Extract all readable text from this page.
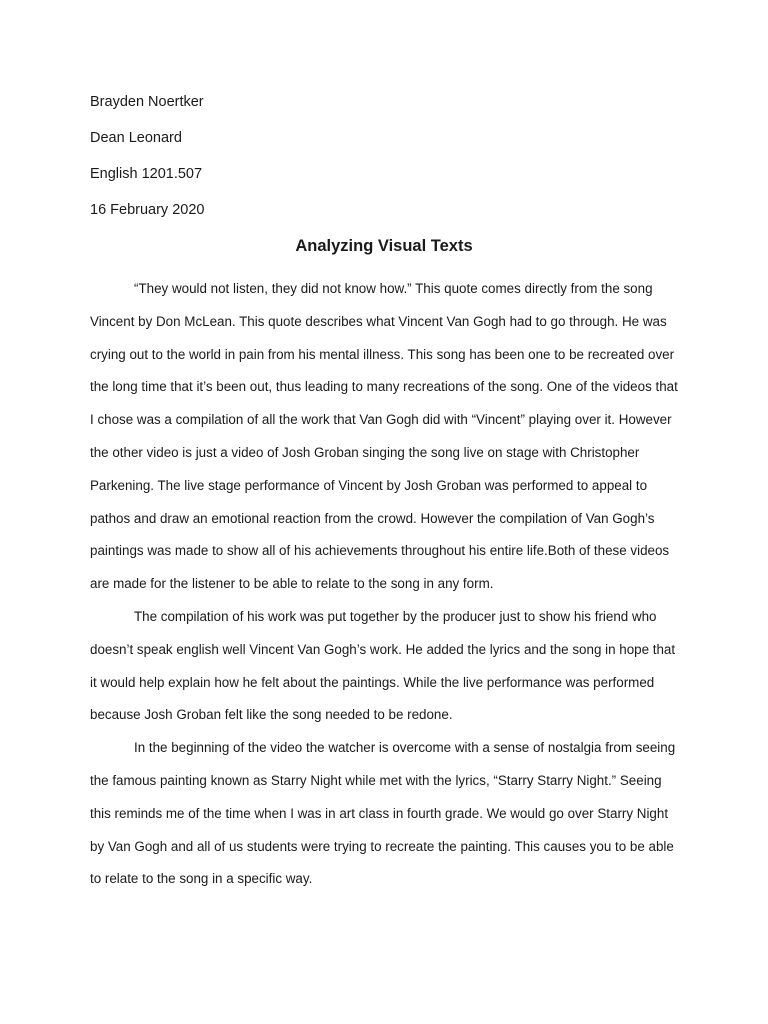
Brayden Noertker

Dean Leonard

English 1201.507

16 February 2020

Analyzing Visual Texts

“They would not listen, they did not know how.” This quote comes directly from the song Vincent by Don McLean. This quote describes what Vincent Van Gogh had to go through. He was crying out to the world in pain from his mental illness. This song has been one to be recreated over the long time that it’s been out, thus leading to many recreations of the song. One of the videos that I chose was a compilation of all the work that Van Gogh did with “Vincent” playing over it. However the other video is just a video of Josh Groban singing the song live on stage with Christopher Parkening. The live stage performance of Vincent by Josh Groban was performed to appeal to pathos and draw an emotional reaction from the crowd. However the compilation of Van Gogh’s paintings was made to show all of his achievements throughout his entire life.Both of these videos are made for the listener to be able to relate to the song in any form.

The compilation of his work was put together by the producer just to show his friend who doesn’t speak english well Vincent Van Gogh’s work. He added the lyrics and the song in hope that it would help explain how he felt about the paintings. While the live performance was performed because Josh Groban felt like the song needed to be redone.

In the beginning of the video the watcher is overcome with a sense of nostalgia from seeing the famous painting known as Starry Night while met with the lyrics, “Starry Starry Night.” Seeing this reminds me of the time when I was in art class in fourth grade. We would go over Starry Night by Van Gogh and all of us students were trying to recreate the painting. This causes you to be able to relate to the song in a specific way.
